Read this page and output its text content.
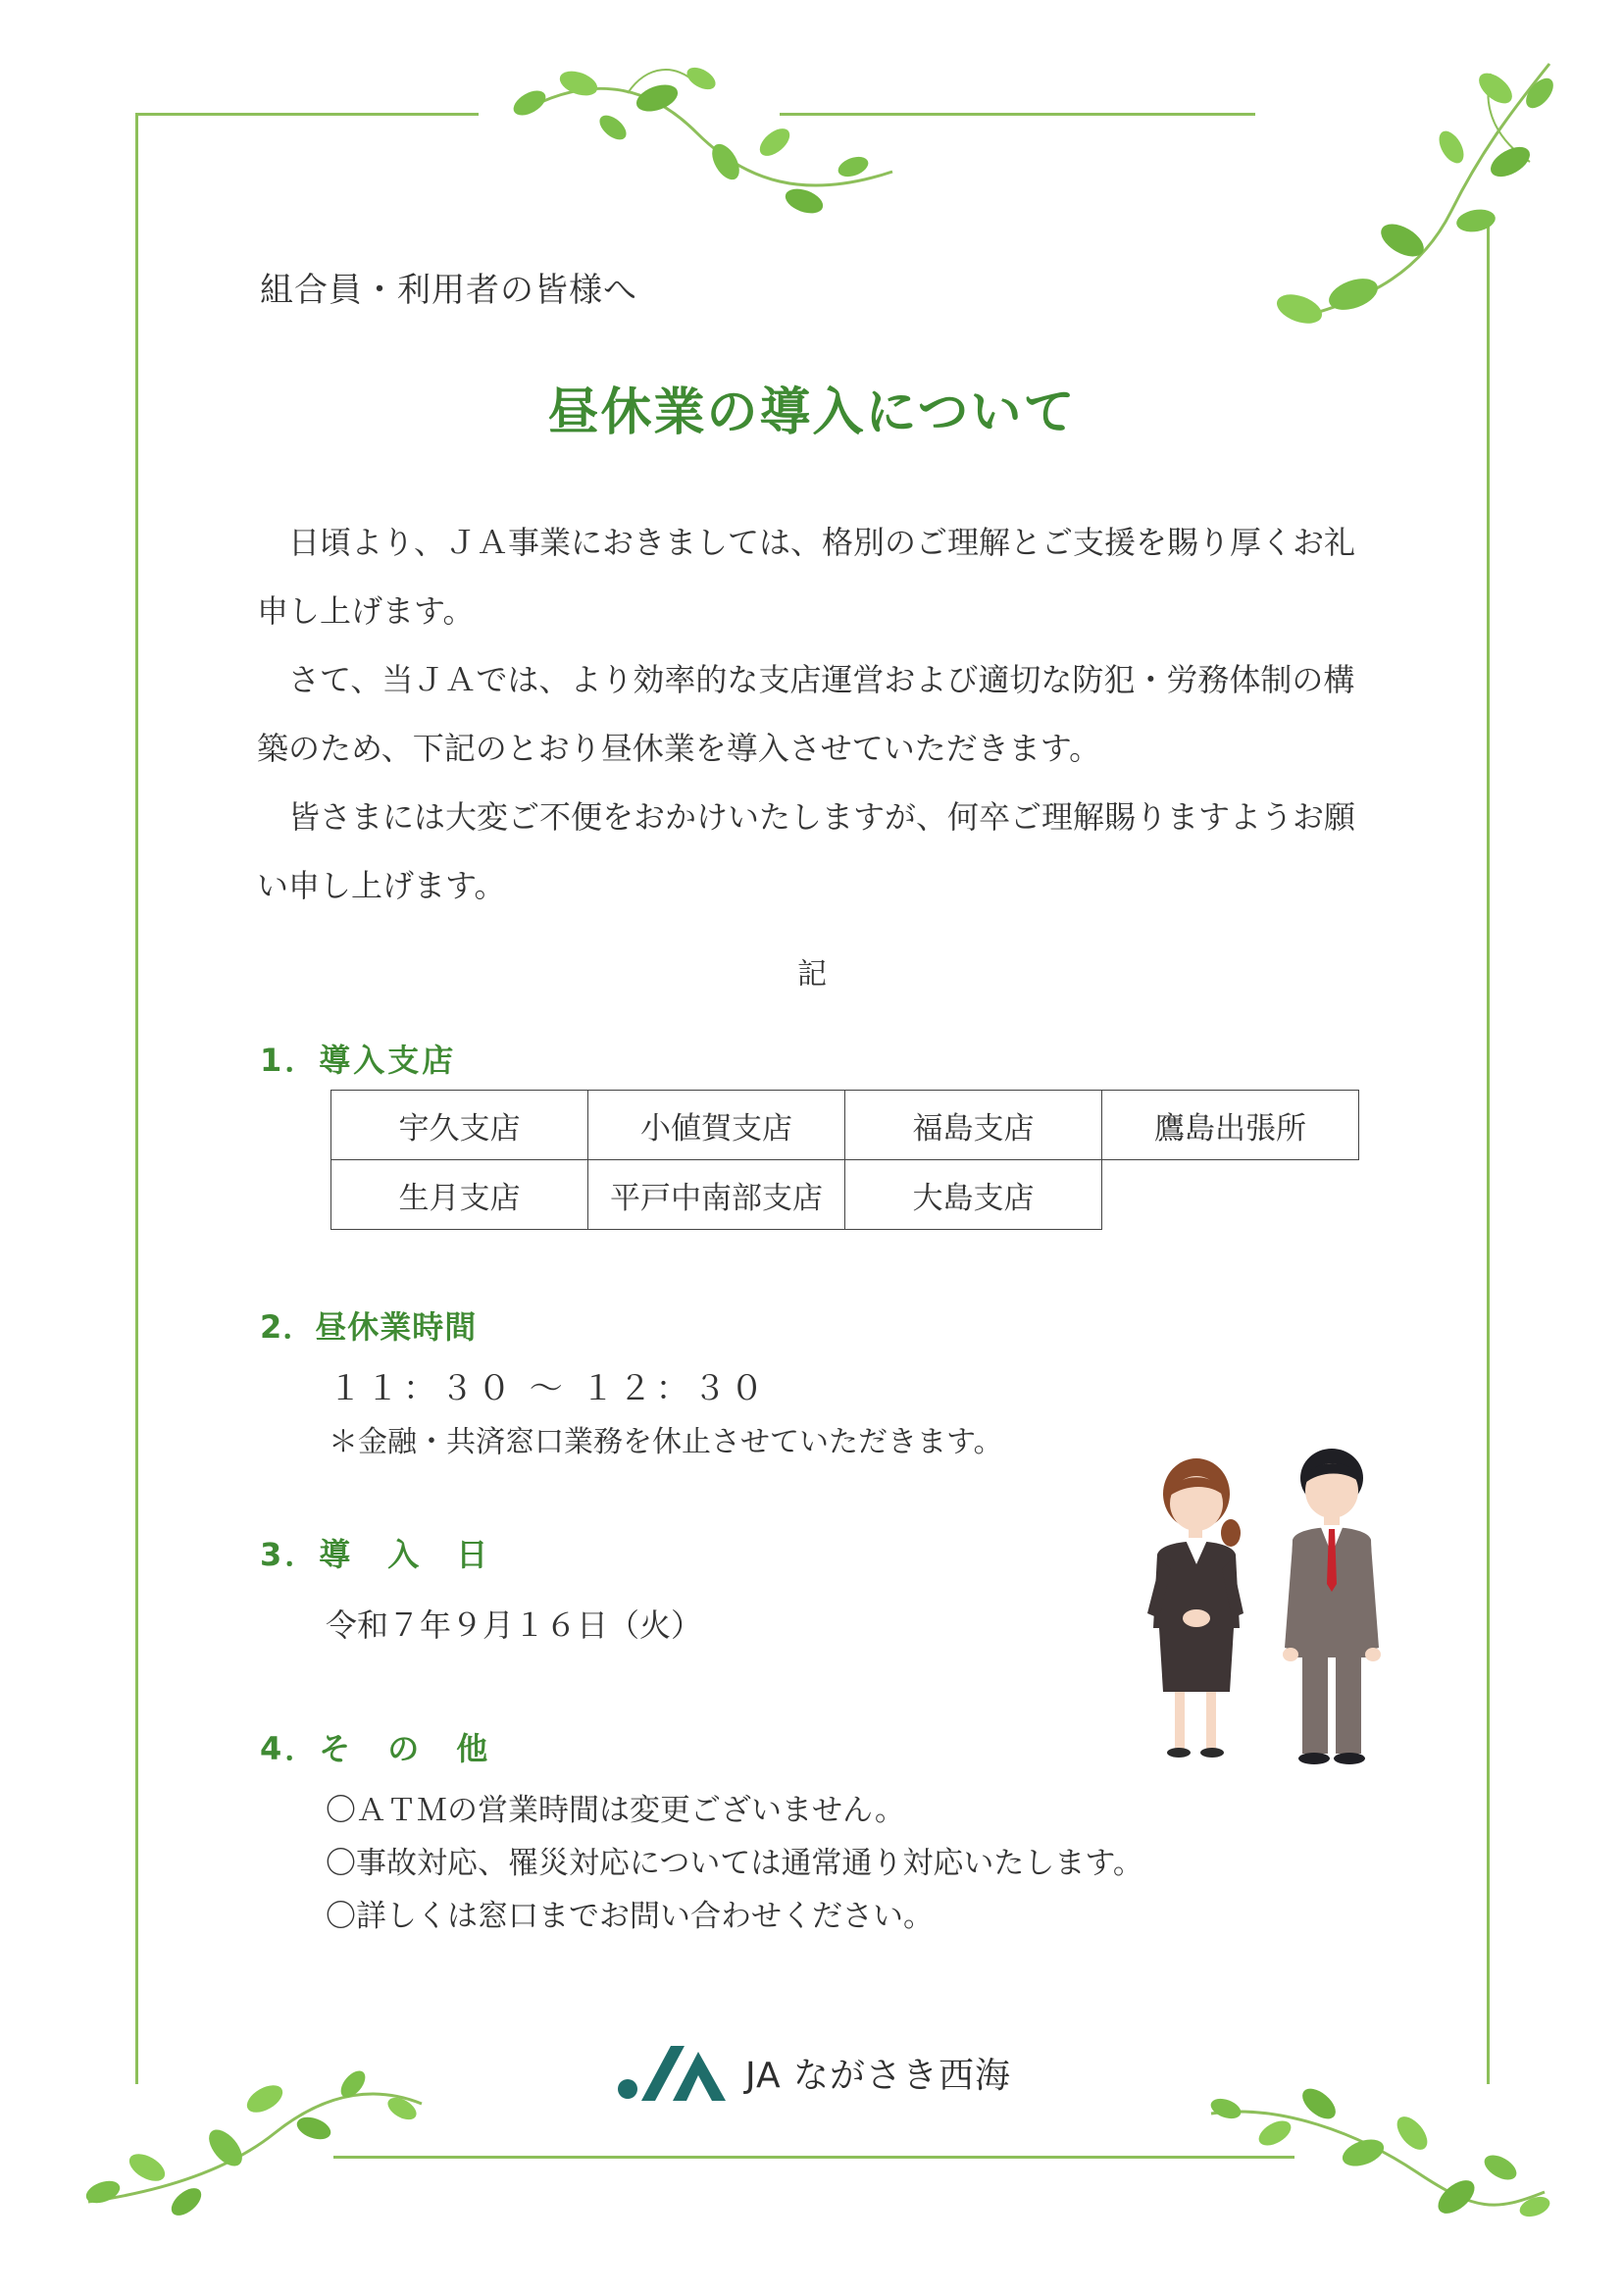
組合員・利用者の皆様へ
昼休業の導入について

日頃より、ＪＡ事業におきましては、格別のご理解とご支援を賜り厚くお礼申し上げます。

さて、当ＪＡでは、より効率的な支店運営および適切な防犯・労務体制の構築のため、下記のとおり昼休業を導入させていただきます。

皆さまには大変ご不便をおかけいたしますが、何卒ご理解賜りますようお願い申し上げます。

記
1．導入支店
宇久支店	小値賀支店	福島支店	鷹島出張所
生月支店	平戸中南部支店	大島支店	
2．昼休業時間
１１：３０ ～ １２：３０
＊金融・共済窓口業務を休止させていただきます。
3．導　入　日
令和７年９月１６日（火）
4．そ　の　他
〇ＡＴＭの営業時間は変更ございません。
〇事故対応、罹災対応については通常通り対応いたします。
〇詳しくは窓口までお問い合わせください。
JA ながさき西海
